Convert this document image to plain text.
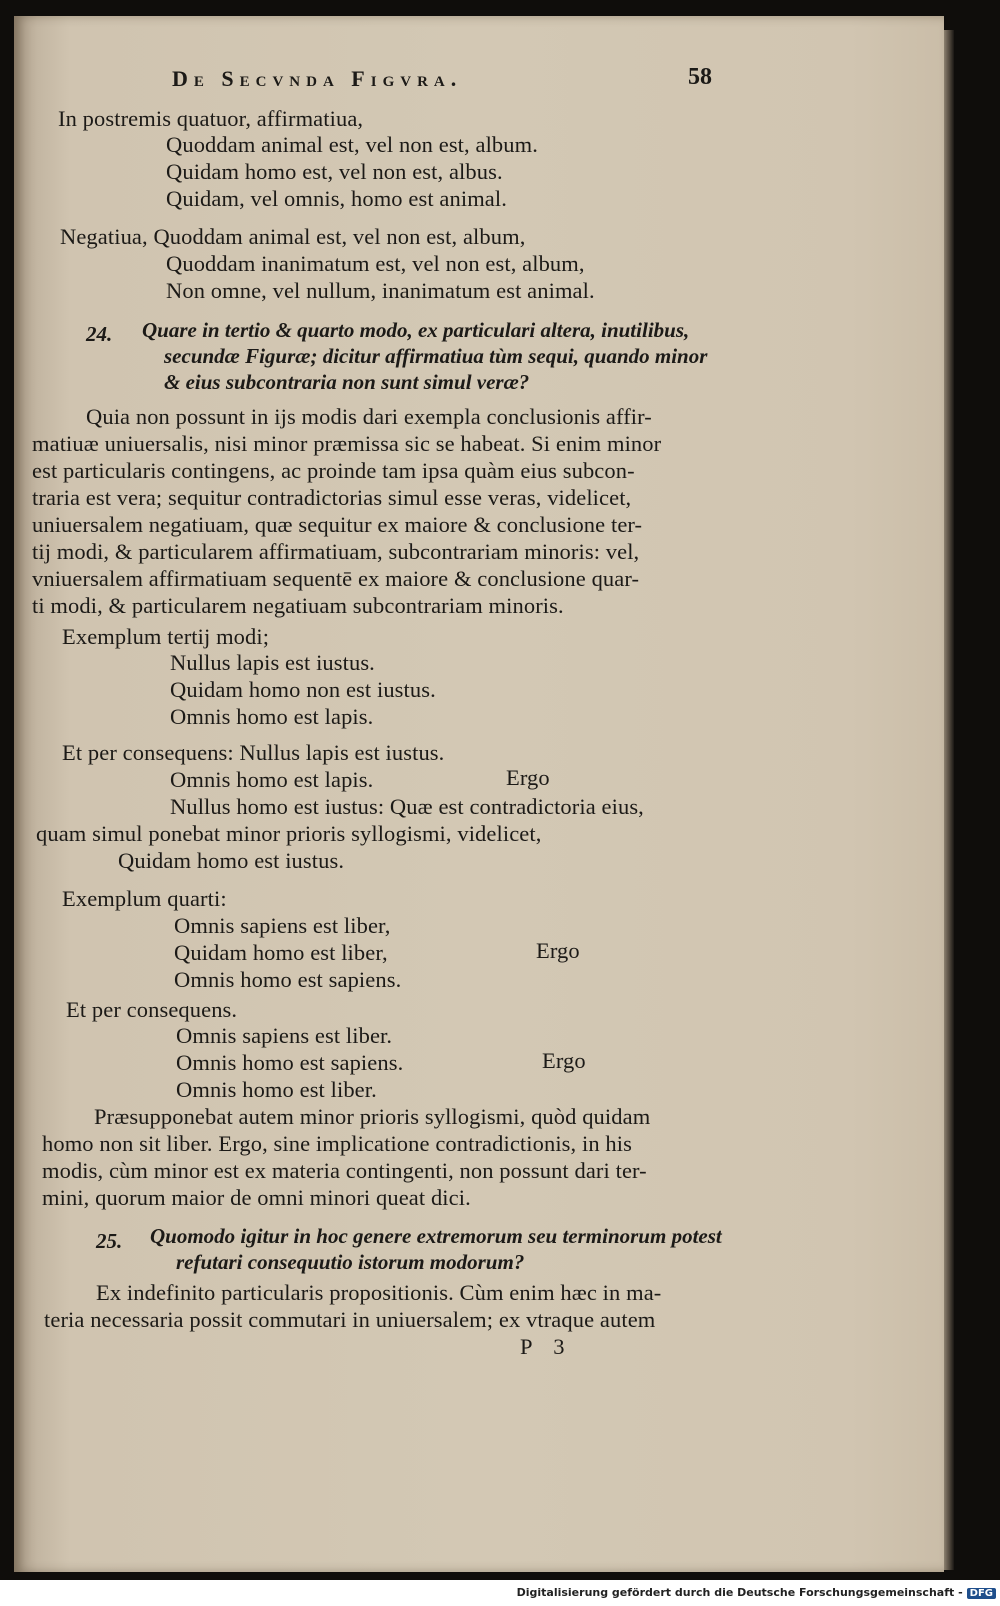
De Secvnda Figvra.	58
In postremis quatuor, affirmatiua,
Quoddam animal est, vel non est, album.
Quidam homo est, vel non est, albus.
Quidam, vel omnis, homo est animal.
Negatiua, Quoddam animal est, vel non est, album,
Quoddam inanimatum est, vel non est, album,
Non omne, vel nullum, inanimatum est animal.
24. Quare in tertio & quarto modo, ex particulari altera, inutilibus,
secundæ Figuræ; dicitur affirmatiua tùm sequi, quando minor
& eius subcontraria non sunt simul veræ?
Quia non possunt in ijs modis dari exempla conclusionis affir-
matiuæ uniuersalis, nisi minor præmissa sic se habeat. Si enim minor
est particularis contingens, ac proinde tam ipsa quàm eius subcon-
traria est vera; sequitur contradictorias simul esse veras, videlicet,
uniuersalem negatiuam, quæ sequitur ex maiore & conclusione ter-
tij modi, & particularem affirmatiuam, subcontrariam minoris: vel,
vniuersalem affirmatiuam sequentē ex maiore & conclusione quar-
ti modi, & particularem negatiuam subcontrariam minoris.
Exemplum tertij modi;
Nullus lapis est iustus.
Quidam homo non est iustus.
Omnis homo est lapis.
Et per consequens: Nullus lapis est iustus.
Omnis homo est lapis.	Ergo
Nullus homo est iustus: Quæ est contradictoria eius,
quam simul ponebat minor prioris syllogismi, videlicet,
Quidam homo est iustus.
Exemplum quarti:
Omnis sapiens est liber,
Quidam homo est liber,	Ergo
Omnis homo est sapiens.
Et per consequens.
Omnis sapiens est liber.
Omnis homo est sapiens.	Ergo
Omnis homo est liber.
Præsupponebat autem minor prioris syllogismi, quòd quidam
homo non sit liber. Ergo, sine implicatione contradictionis, in his
modis, cùm minor est ex materia contingenti, non possunt dari ter-
mini, quorum maior de omni minori queat dici.
25. Quomodo igitur in hoc genere extremorum seu terminorum potest
refutari consequutio istorum modorum?
Ex indefinito particularis propositionis. Cùm enim hæc in ma-
teria necessaria possit commutari in uniuersalem; ex vtraque autem
P 3
Digitalisierung gefördert durch die Deutsche Forschungsgemeinschaft - DFG
